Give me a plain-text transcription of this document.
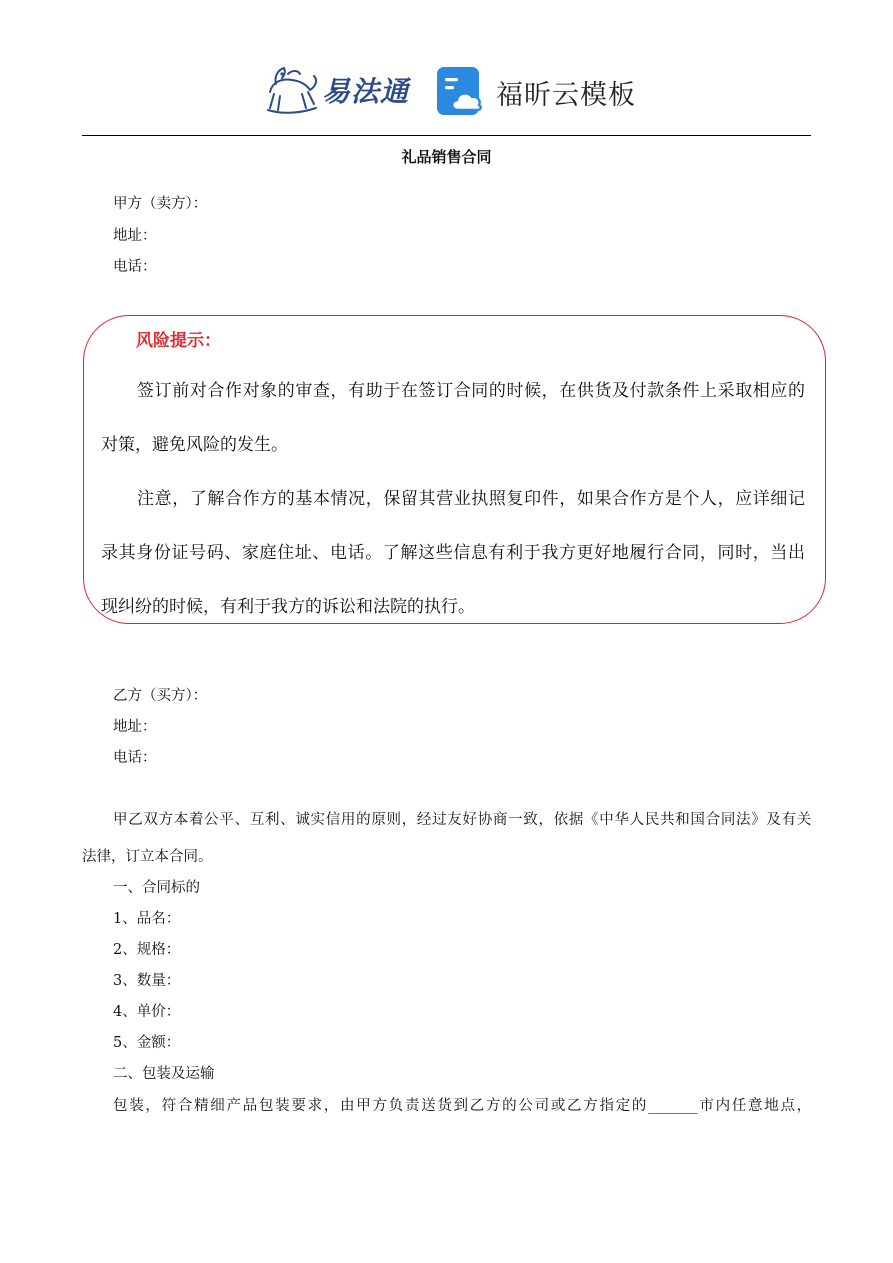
易法通	福昕云模板
礼品销售合同
甲方（卖方）：
地址：
电话：
风险提示：
签订前对合作对象的审查，有助于在签订合同的时候，在供货及付款条件上采取相应的
对策，避免风险的发生。
注意，了解合作方的基本情况，保留其营业执照复印件，如果合作方是个人，应详细记
录其身份证号码、家庭住址、电话。了解这些信息有利于我方更好地履行合同，同时，当出
现纠纷的时候，有利于我方的诉讼和法院的执行。
乙方（买方）：
地址：
电话：
甲乙双方本着公平、互利、诚实信用的原则，经过友好协商一致，依据《中华人民共和国合同法》及有关
法律，订立本合同。
一、合同标的
1、品名：
2、规格：
3、数量：
4、单价：
5、金额：
二、包装及运输
包装，符合精细产品包装要求，由甲方负责送货到乙方的公司或乙方指定的_______市内任意地点，
